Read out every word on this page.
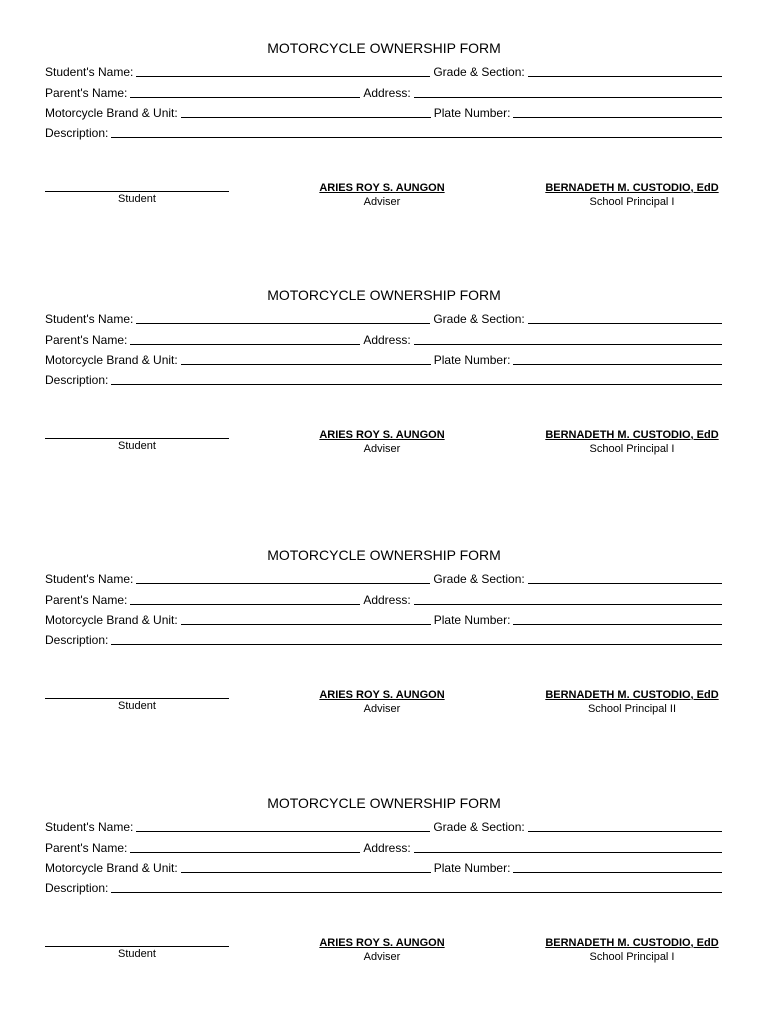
MOTORCYCLE OWNERSHIP FORM
Student's Name:	Grade & Section:
Parent's Name:	Address:
Motorcycle Brand & Unit:	Plate Number:
Description:
Student
ARIES ROY S. AUNGON
Adviser
BERNADETH M. CUSTODIO, EdD
School Principal I
MOTORCYCLE OWNERSHIP FORM
Student's Name:	Grade & Section:
Parent's Name:	Address:
Motorcycle Brand & Unit:	Plate Number:
Description:
Student
ARIES ROY S. AUNGON
Adviser
BERNADETH M. CUSTODIO, EdD
School Principal I
MOTORCYCLE OWNERSHIP FORM
Student's Name:	Grade & Section:
Parent's Name:	Address:
Motorcycle Brand & Unit:	Plate Number:
Description:
Student
ARIES ROY S. AUNGON
Adviser
BERNADETH M. CUSTODIO, EdD
School Principal II
MOTORCYCLE OWNERSHIP FORM
Student's Name:	Grade & Section:
Parent's Name:	Address:
Motorcycle Brand & Unit:	Plate Number:
Description:
Student
ARIES ROY S. AUNGON
Adviser
BERNADETH M. CUSTODIO, EdD
School Principal I
